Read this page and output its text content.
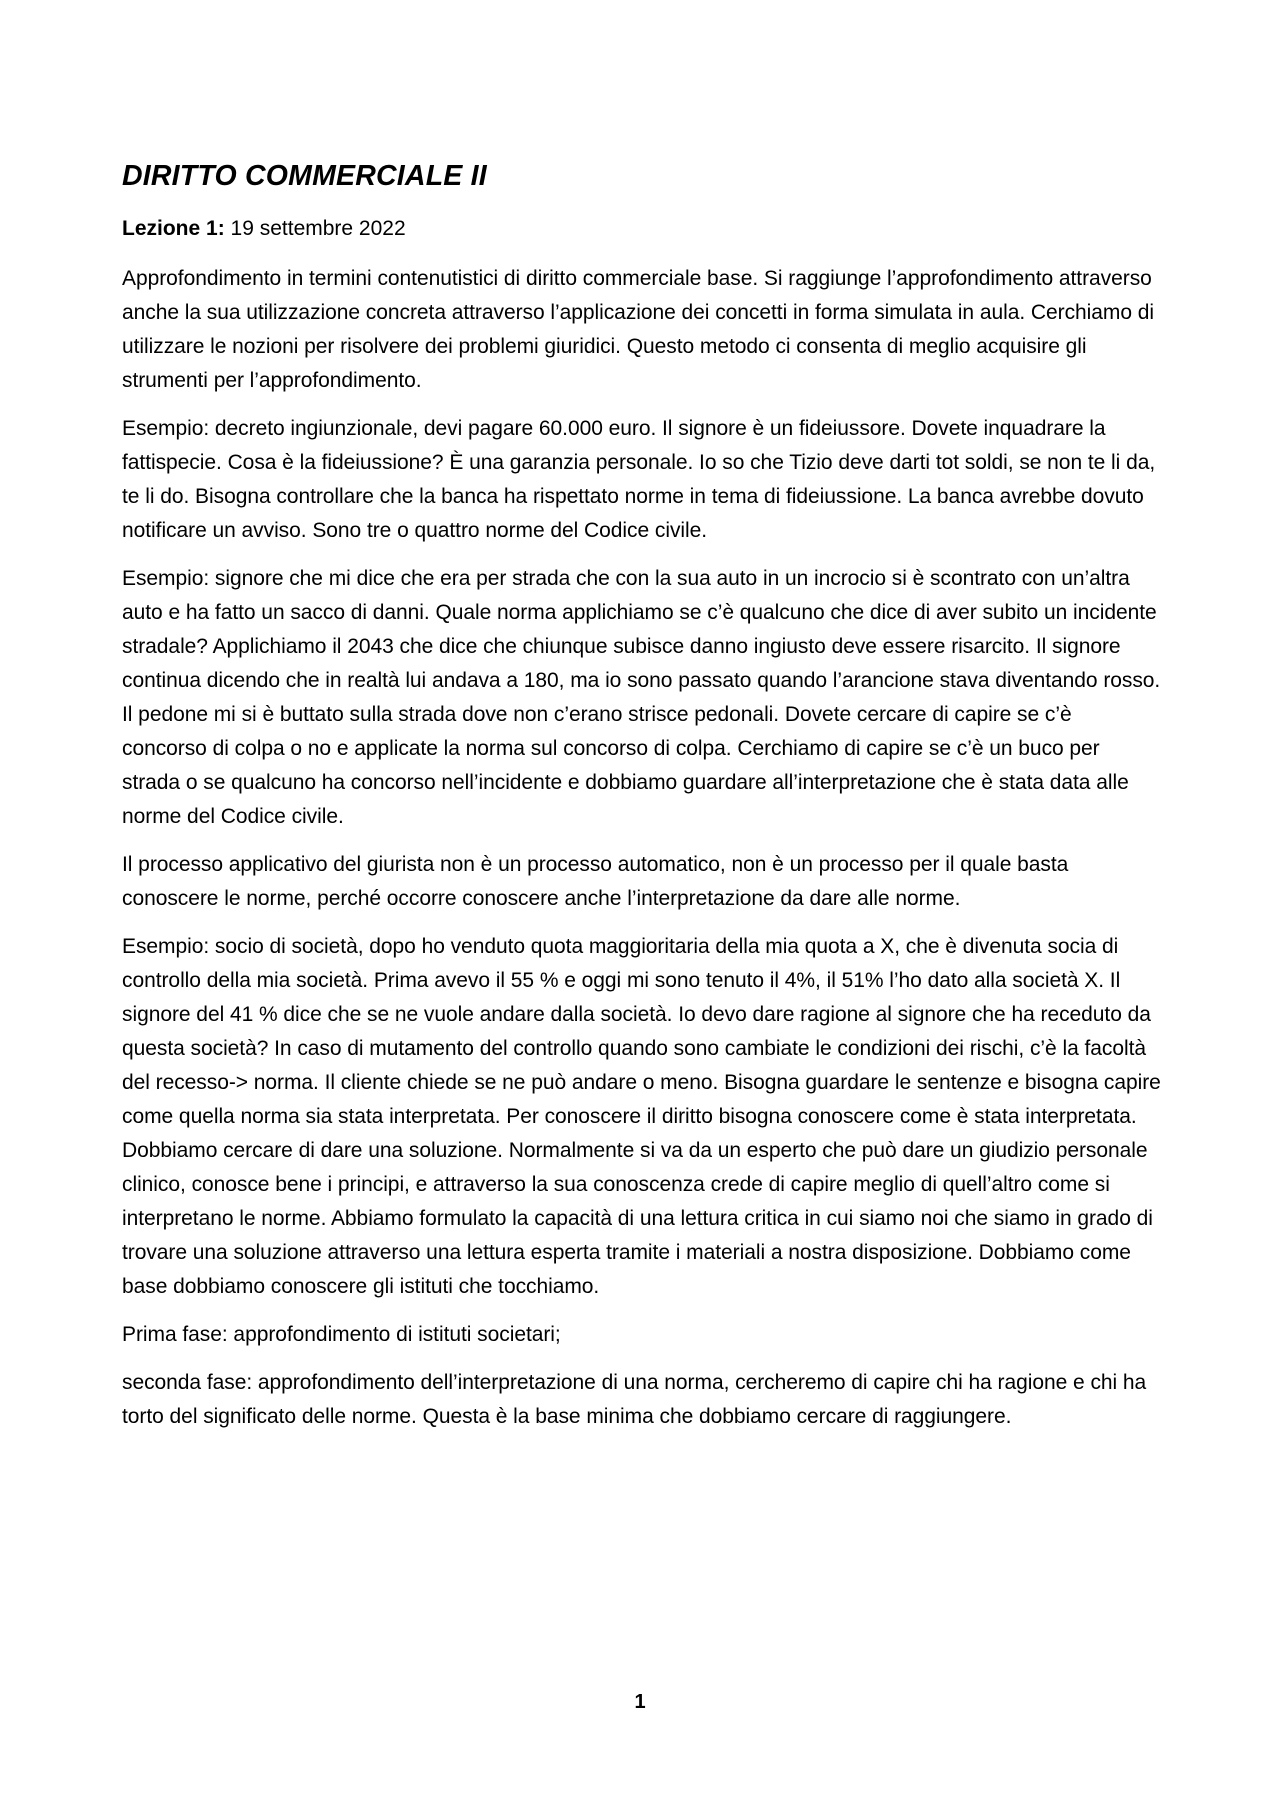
DIRITTO COMMERCIALE II

Lezione 1: 19 settembre 2022

Approfondimento in termini contenutistici di diritto commerciale base. Si raggiunge l’approfondimento attraverso anche la sua utilizzazione concreta attraverso l’applicazione dei concetti in forma simulata in aula. Cerchiamo di utilizzare le nozioni per risolvere dei problemi giuridici. Questo metodo ci consenta di meglio acquisire gli strumenti per l’approfondimento.

Esempio: decreto ingiunzionale, devi pagare 60.000 euro. Il signore è un fideiussore. Dovete inquadrare la fattispecie. Cosa è la fideiussione? È una garanzia personale. Io so che Tizio deve darti tot soldi, se non te li da, te li do. Bisogna controllare che la banca ha rispettato norme in tema di fideiussione. La banca avrebbe dovuto notificare un avviso. Sono tre o quattro norme del Codice civile.

Esempio: signore che mi dice che era per strada che con la sua auto in un incrocio si è scontrato con un’altra auto e ha fatto un sacco di danni. Quale norma applichiamo se c’è qualcuno che dice di aver subito un incidente stradale? Applichiamo il 2043 che dice che chiunque subisce danno ingiusto deve essere risarcito. Il signore continua dicendo che in realtà lui andava a 180, ma io sono passato quando l’arancione stava diventando rosso. Il pedone mi si è buttato sulla strada dove non c’erano strisce pedonali. Dovete cercare di capire se c’è concorso di colpa o no e applicate la norma sul concorso di colpa. Cerchiamo di capire se c’è un buco per strada o se qualcuno ha concorso nell’incidente e dobbiamo guardare all’interpretazione che è stata data alle norme del Codice civile.

Il processo applicativo del giurista non è un processo automatico, non è un processo per il quale basta conoscere le norme, perché occorre conoscere anche l’interpretazione da dare alle norme.

Esempio: socio di società, dopo ho venduto quota maggioritaria della mia quota a X, che è divenuta socia di controllo della mia società. Prima avevo il 55 % e oggi mi sono tenuto il 4%, il 51% l’ho dato alla società X. Il signore del 41 % dice che se ne vuole andare dalla società. Io devo dare ragione al signore che ha receduto da questa società? In caso di mutamento del controllo quando sono cambiate le condizioni dei rischi, c’è la facoltà del recesso-> norma. Il cliente chiede se ne può andare o meno. Bisogna guardare le sentenze e bisogna capire come quella norma sia stata interpretata. Per conoscere il diritto bisogna conoscere come è stata interpretata. Dobbiamo cercare di dare una soluzione. Normalmente si va da un esperto che può dare un giudizio personale clinico, conosce bene i principi, e attraverso la sua conoscenza crede di capire meglio di quell’altro come si interpretano le norme. Abbiamo formulato la capacità di una lettura critica in cui siamo noi che siamo in grado di trovare una soluzione attraverso una lettura esperta tramite i materiali a nostra disposizione. Dobbiamo come base dobbiamo conoscere gli istituti che tocchiamo.

Prima fase: approfondimento di istituti societari;

seconda fase: approfondimento dell’interpretazione di una norma, cercheremo di capire chi ha ragione e chi ha torto del significato delle norme. Questa è la base minima che dobbiamo cercare di raggiungere.

1
